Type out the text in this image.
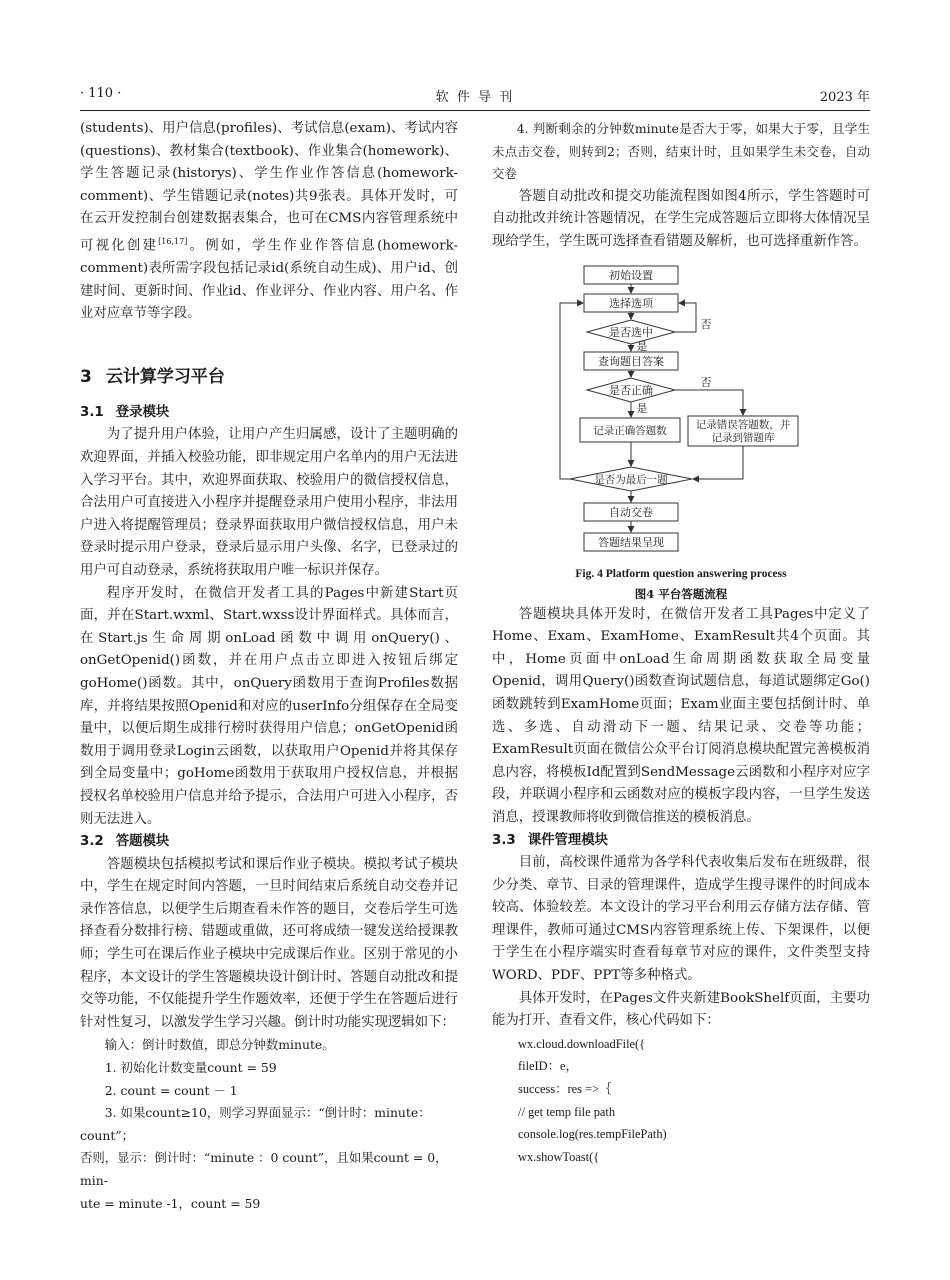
· 110 ·	软 件 导 刊	2023 年

(students)、用户信息(profiles)、考试信息(exam)、考试内容(questions)、教材集合(textbook)、作业集合(homework)、学生答题记录(historys)、学生作业作答信息(homework-comment)、学生错题记录(notes)共9张表。具体开发时，可在云开发控制台创建数据表集合，也可在CMS内容管理系统中可视化创建[16,17]。例如，学生作业作答信息(homework-comment)表所需字段包括记录id(系统自动生成)、用户id、创建时间、更新时间、作业id、作业评分、作业内容、用户名、作业对应章节等字段。

3 云计算学习平台
3.1 登录模块

为了提升用户体验，让用户产生归属感，设计了主题明确的欢迎界面，并插入校验功能，即非规定用户名单内的用户无法进入学习平台。其中，欢迎界面获取、校验用户的微信授权信息，合法用户可直接进入小程序并提醒登录用户使用小程序，非法用户进入将提醒管理员；登录界面获取用户微信授权信息，用户未登录时提示用户登录，登录后显示用户头像、名字，已登录过的用户可自动登录，系统将获取用户唯一标识并保存。

程序开发时，在微信开发者工具的Pages中新建Start页面，并在Start.wxml、Start.wxss设计界面样式。具体而言，在Start.js生命周期onLoad函数中调用onQuery()、onGetOpenid()函数，并在用户点击立即进入按钮后绑定goHome()函数。其中，onQuery函数用于查询Profiles数据库，并将结果按照Openid和对应的userInfo分组保存在全局变量中，以便后期生成排行榜时获得用户信息；onGetOpenid函数用于调用登录Login云函数，以获取用户Openid并将其保存到全局变量中；goHome函数用于获取用户授权信息，并根据授权名单校验用户信息并给予提示，合法用户可进入小程序，否则无法进入。

3.2 答题模块

答题模块包括模拟考试和课后作业子模块。模拟考试子模块中，学生在规定时间内答题，一旦时间结束后系统自动交卷并记录作答信息，以便学生后期查看未作答的题目，交卷后学生可选择查看分数排行榜、错题或重做，还可将成绩一键发送给授课教师；学生可在课后作业子模块中完成课后作业。区别于常见的小程序，本文设计的学生答题模块设计倒计时、答题自动批改和提交等功能，不仅能提升学生作题效率，还便于学生在答题后进行针对性复习，以激发学生学习兴趣。倒计时功能实现逻辑如下：

输入：倒计时数值，即总分钟数minute。

1. 初始化计数变量count = 59

2. count = count － 1

3. 如果count≥10，则学习界面显示：“倒计时：minute：count”；

否则，显示：倒计时：“minute ：0 count”，且如果count = 0，min-

ute = minute -1，count = 59

4. 判断剩余的分钟数minute是否大于零，如果大于零，且学生未点击交卷，则转到2；否则，结束计时，且如果学生未交卷，自动交卷

答题自动批改和提交功能流程图如图4所示，学生答题时可自动批改并统计答题情况，在学生完成答题后立即将大体情况呈现给学生，学生既可选择查看错题及解析，也可选择重新作答。

初始设置
选择选项
是否选中
否
是
查询题目答案
是否正确
否
是
记录正确答题数	记录错误答题数，并
记录到错题库
是否为最后一题
自动交卷
答题结果呈现
Fig. 4 Platform question answering process
图4 平台答题流程

答题模块具体开发时，在微信开发者工具Pages中定义了Home、Exam、ExamHome、ExamResult共4个页面。其中，Home页面中onLoad生命周期函数获取全局变量Openid，调用Query()函数查询试题信息，每道试题绑定Go()函数跳转到ExamHome页面；Exam业面主要包括倒计时、单选、多选、自动滑动下一题、结果记录、交卷等功能；ExamResult页面在微信公众平台订阅消息模块配置完善模板消息内容，将模板Id配置到SendMessage云函数和小程序对应字段，并联调小程序和云函数对应的模板字段内容，一旦学生发送消息，授课教师将收到微信推送的模板消息。

3.3 课件管理模块

目前，高校课件通常为各学科代表收集后发布在班级群，很少分类、章节、目录的管理课件，造成学生搜寻课件的时间成本较高、体验较差。本文设计的学习平台利用云存储方法存储、管理课件，教师可通过CMS内容管理系统上传、下架课件，以便于学生在小程序端实时查看每章节对应的课件，文件类型支持WORD、PDF、PPT等多种格式。

具体开发时，在Pages文件夹新建BookShelf页面，主要功能为打开、查看文件，核心代码如下：

wx.cloud.downloadFile({
fileID：e，
success：res =>｛
// get temp file path
console.log(res.tempFilePath)
wx.showToast({
